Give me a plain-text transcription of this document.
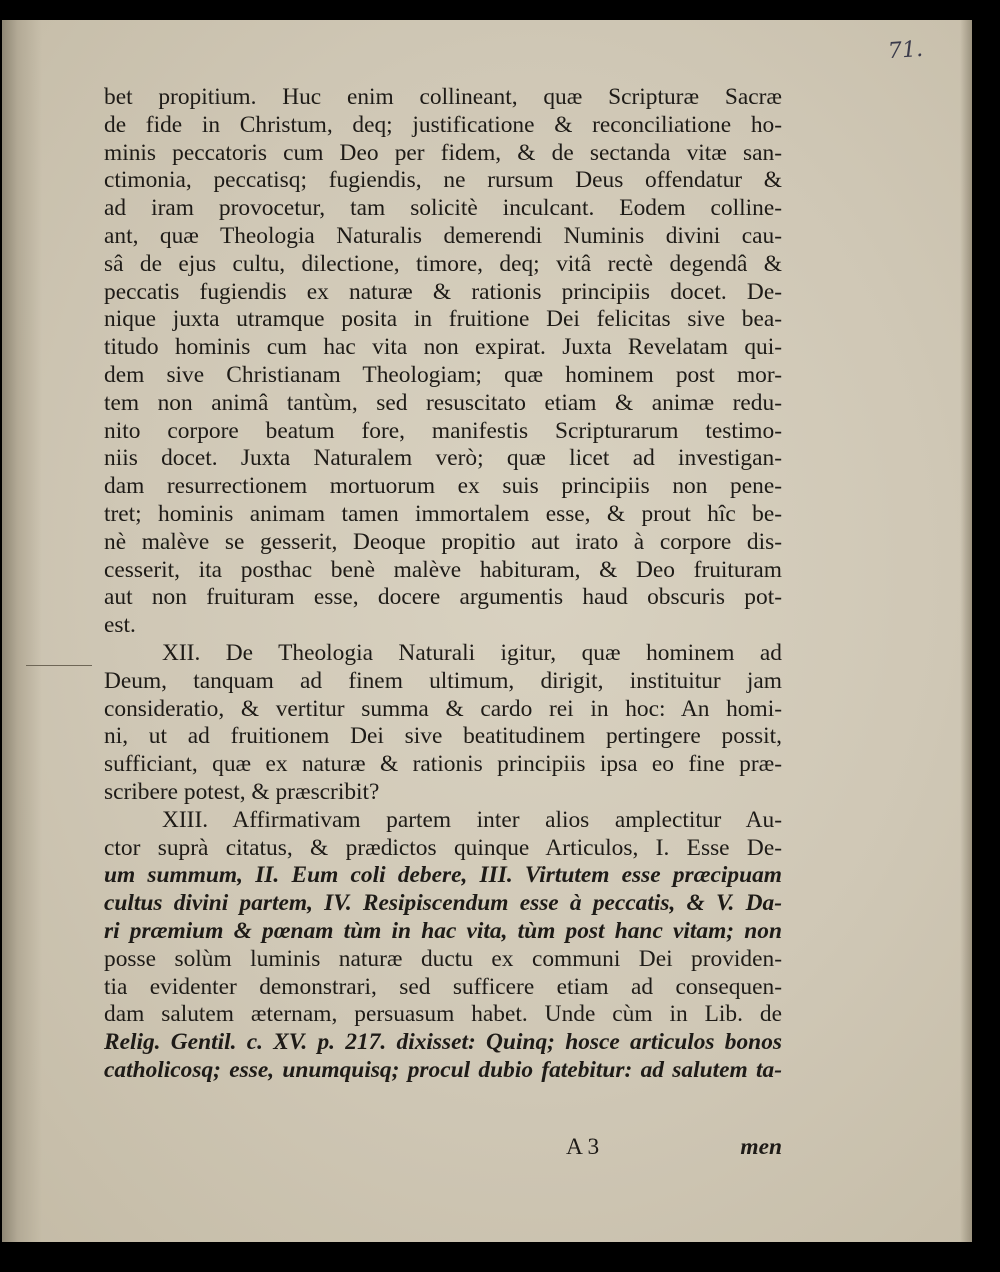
71.
bet propitium. Huc enim collineant, quæ Scripturæ Sacræ
de fide in Christum, deq; justificatione & reconciliatione ho-
minis peccatoris cum Deo per fidem, & de sectanda vitæ san-
ctimonia, peccatisq; fugiendis, ne rursum Deus offendatur &
ad iram provocetur, tam solicitè inculcant. Eodem colline-
ant, quæ Theologia Naturalis demerendi Numinis divini cau-
sâ de ejus cultu, dilectione, timore, deq; vitâ rectè degendâ &
peccatis fugiendis ex naturæ & rationis principiis docet. De-
nique juxta utramque posita in fruitione Dei felicitas sive bea-
titudo hominis cum hac vita non expirat. Juxta Revelatam qui-
dem sive Christianam Theologiam; quæ hominem post mor-
tem non animâ tantùm, sed resuscitato etiam & animæ redu-
nito corpore beatum fore, manifestis Scripturarum testimo-
niis docet. Juxta Naturalem verò; quæ licet ad investigan-
dam resurrectionem mortuorum ex suis principiis non pene-
tret; hominis animam tamen immortalem esse, & prout hîc be-
nè malève se gesserit, Deoque propitio aut irato à corpore dis-
cesserit, ita posthac benè malève habituram, & Deo fruituram
aut non fruituram esse, docere argumentis haud obscuris pot-
est.
XII. De Theologia Naturali igitur, quæ hominem ad
Deum, tanquam ad finem ultimum, dirigit, instituitur jam
consideratio, & vertitur summa & cardo rei in hoc: An homi-
ni, ut ad fruitionem Dei sive beatitudinem pertingere possit,
sufficiant, quæ ex naturæ & rationis principiis ipsa eo fine præ-
scribere potest, & præscribit?
XIII. Affirmativam partem inter alios amplectitur Au-
ctor suprà citatus, & prædictos quinque Articulos, I. Esse De-
um summum, II. Eum coli debere, III. Virtutem esse præcipuam
cultus divini partem, IV. Resipiscendum esse à peccatis, & V. Da-
ri præmium & pœnam tùm in hac vita, tùm post hanc vitam; non
posse solùm luminis naturæ ductu ex communi Dei providen-
tia evidenter demonstrari, sed sufficere etiam ad consequen-
dam salutem æternam, persuasum habet. Unde cùm in Lib. de
Relig. Gentil. c. XV. p. 217. dixisset: Quinq; hosce articulos bonos
catholicosq; esse, unumquisq; procul dubio fatebitur: ad salutem ta-
A 3	men
